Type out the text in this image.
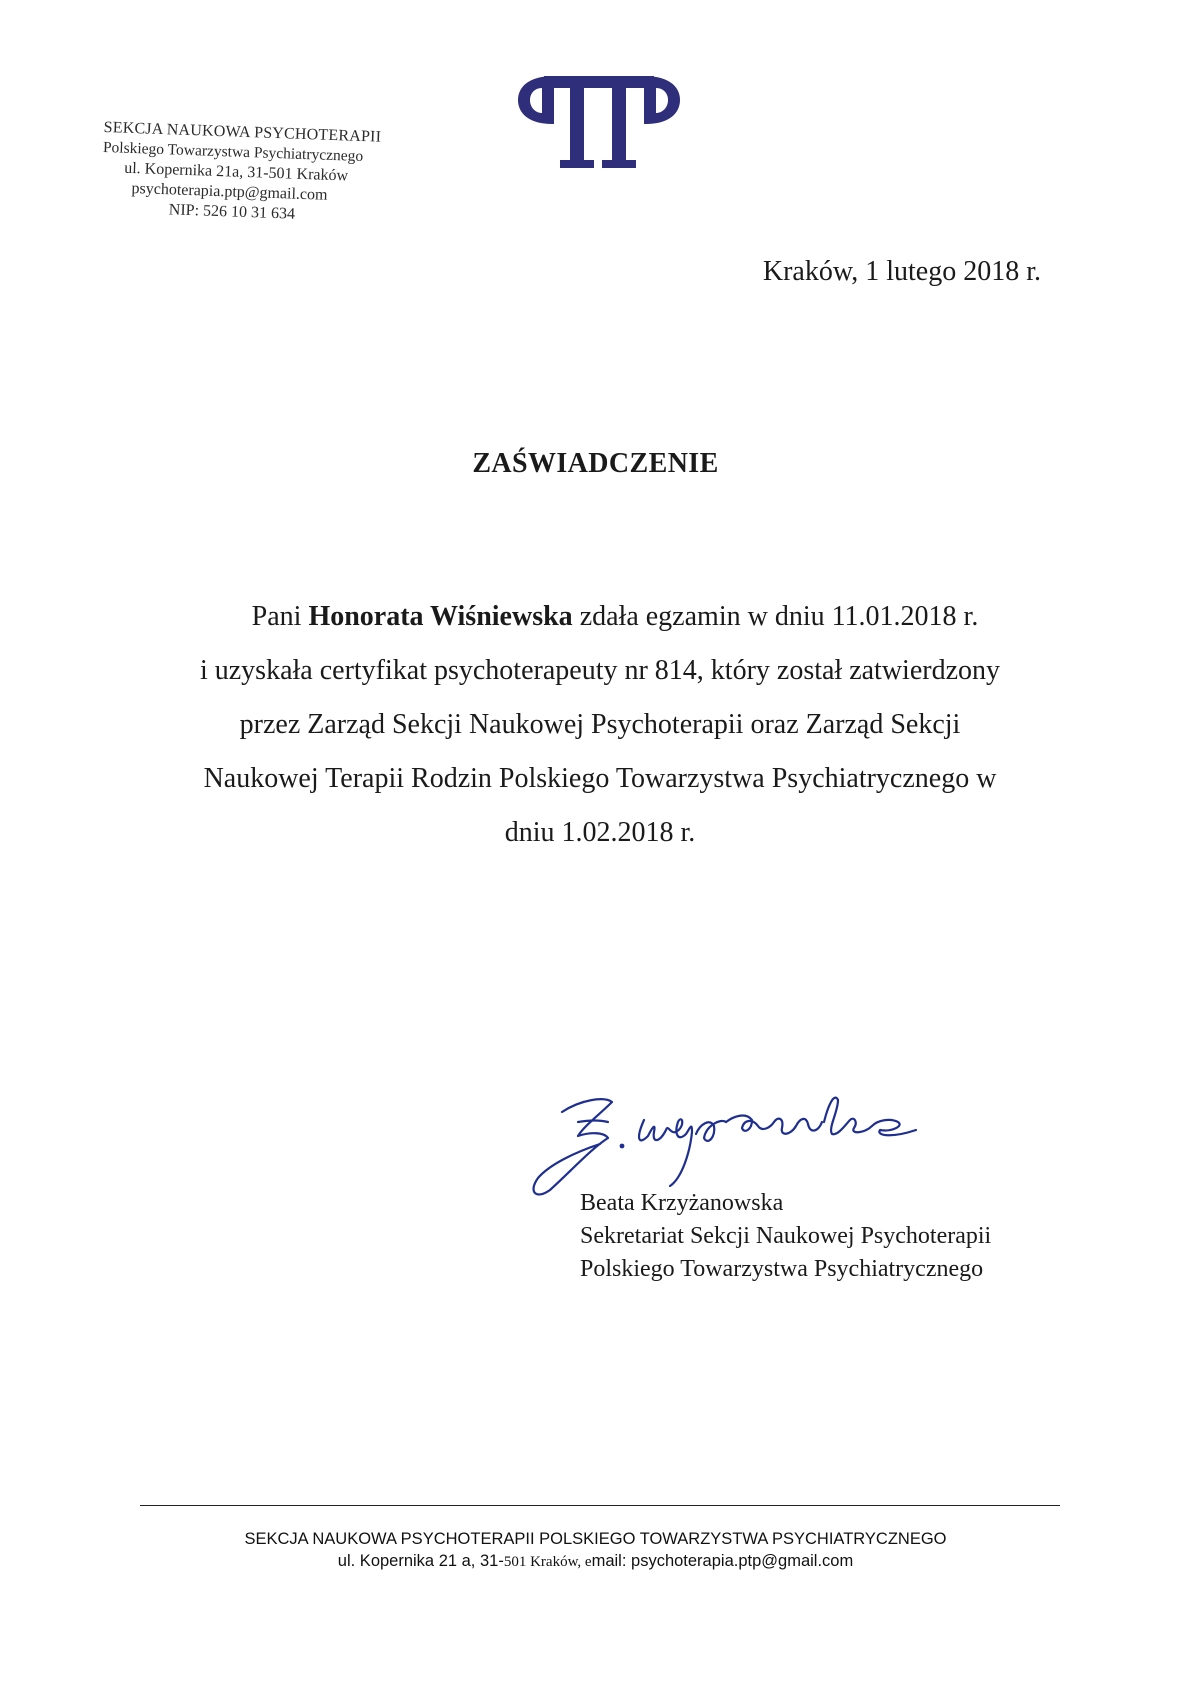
SEKCJA NAUKOWA PSYCHOTERAPII
Polskiego Towarzystwa Psychiatrycznego
ul. Kopernika 21a, 31-501 Kraków
psychoterapia.ptp@gmail.com
NIP: 526 10 31 634
Kraków, 1 lutego 2018 r.
ZAŚWIADCZENIE
Pani Honorata Wiśniewska zdała egzamin w dniu 11.01.2018 r.
i uzyskała certyfikat psychoterapeuty nr 814, który został zatwierdzony
przez Zarząd Sekcji Naukowej Psychoterapii oraz Zarząd Sekcji
Naukowej Terapii Rodzin Polskiego Towarzystwa Psychiatrycznego w
dniu 1.02.2018 r.
Beata Krzyżanowska
Sekretariat Sekcji Naukowej Psychoterapii
Polskiego Towarzystwa Psychiatrycznego
SEKCJA NAUKOWA PSYCHOTERAPII POLSKIEGO TOWARZYSTWA PSYCHIATRYCZNEGO
ul. Kopernika 21 a, 31-501 Kraków, email: psychoterapia.ptp@gmail.com
